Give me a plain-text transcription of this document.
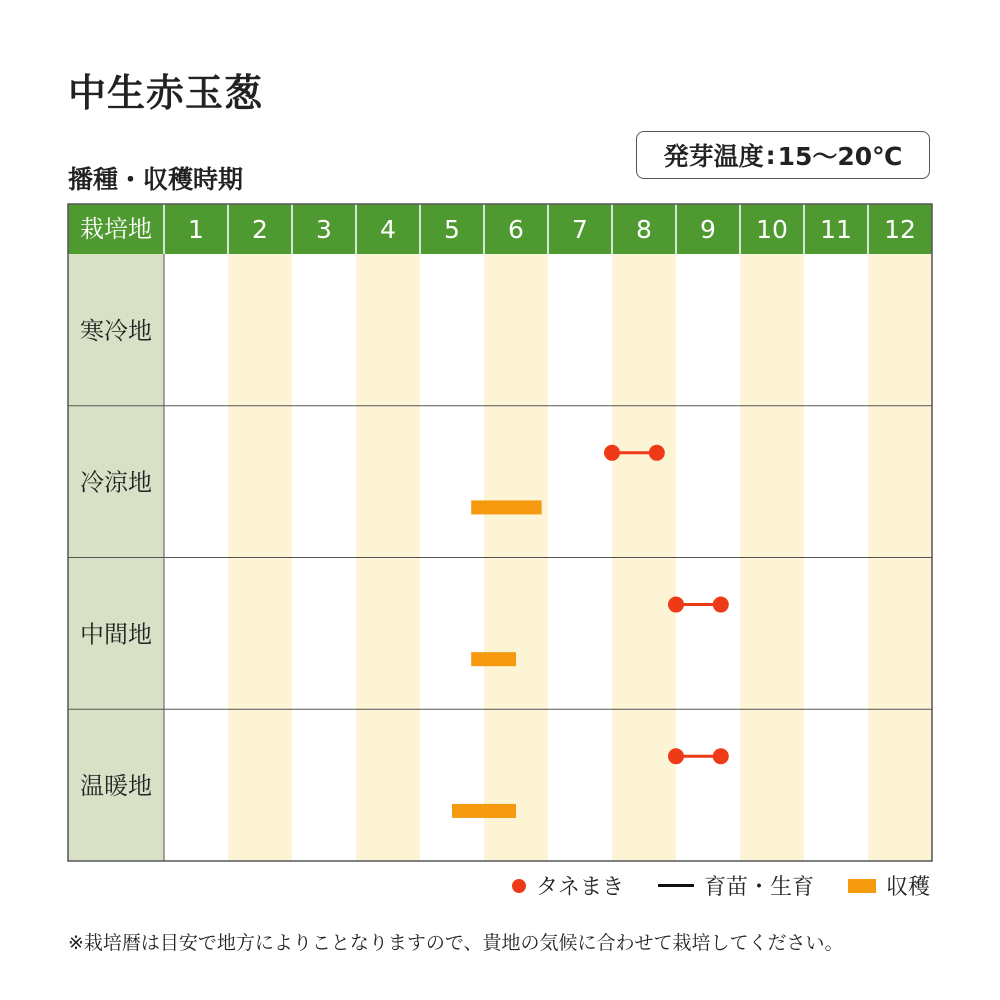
中生赤玉葱
播種・収穫時期
発芽温度 : 15～20℃
栽培地 1 2 3 4 5 6 7 8 9 10 11 12
寒冷地
冷涼地
中間地
温暖地
タネまき	育苗・生育	収穫
※栽培暦は目安で地方によりことなりますので、貴地の気候に合わせて栽培してください。
